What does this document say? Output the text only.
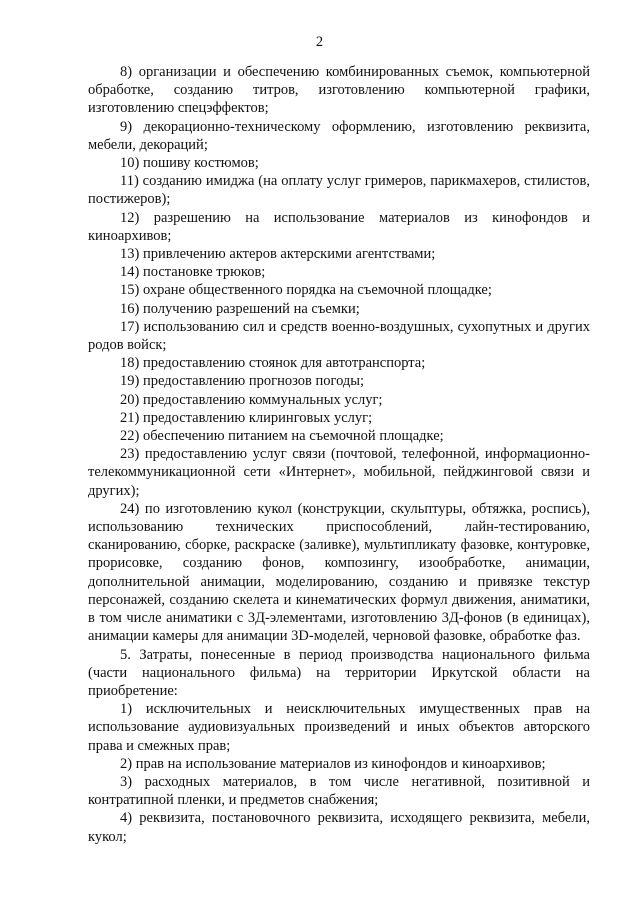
2

8) организации и обеспечению комбинированных съемок, компьютерной обработке, созданию титров, изготовлению компьютерной графики, изготовлению спецэффектов;

9) декорационно-техническому оформлению, изготовлению реквизита, мебели, декораций;

10) пошиву костюмов;

11) созданию имиджа (на оплату услуг гримеров, парикмахеров, стилистов, постижеров);

12) разрешению на использование материалов из кинофондов и киноархивов;

13) привлечению актеров актерскими агентствами;

14) постановке трюков;

15) охране общественного порядка на съемочной площадке;

16) получению разрешений на съемки;

17) использованию сил и средств военно-воздушных, сухопутных и других родов войск;

18) предоставлению стоянок для автотранспорта;

19) предоставлению прогнозов погоды;

20) предоставлению коммунальных услуг;

21) предоставлению клиринговых услуг;

22) обеспечению питанием на съемочной площадке;

23) предоставлению услуг связи (почтовой, телефонной, информационно-телекоммуникационной сети «Интернет», мобильной, пейджинговой связи и других);

24) по изготовлению кукол (конструкции, скульптуры, обтяжка, роспись), использованию технических приспособлений, лайн-тестированию, сканированию, сборке, раскраске (заливке), мультипликату фазовке, контуровке, прорисовке, созданию фонов, композингу, изообработке, анимации, дополнительной анимации, моделированию, созданию и привязке текстур персонажей, созданию скелета и кинематических формул движения, аниматики, в том числе аниматики с 3Д-элементами, изготовлению 3Д-фонов (в единицах), анимации камеры для анимации 3D-моделей, черновой фазовке, обработке фаз.

5. Затраты, понесенные в период производства национального фильма (части национального фильма) на территории Иркутской области на приобретение:

1) исключительных и неисключительных имущественных прав на использование аудиовизуальных произведений и иных объектов авторского права и смежных прав;

2) прав на использование материалов из кинофондов и киноархивов;

3) расходных материалов, в том числе негативной, позитивной и контратипной пленки, и предметов снабжения;

4) реквизита, постановочного реквизита, исходящего реквизита, мебели, кукол;
